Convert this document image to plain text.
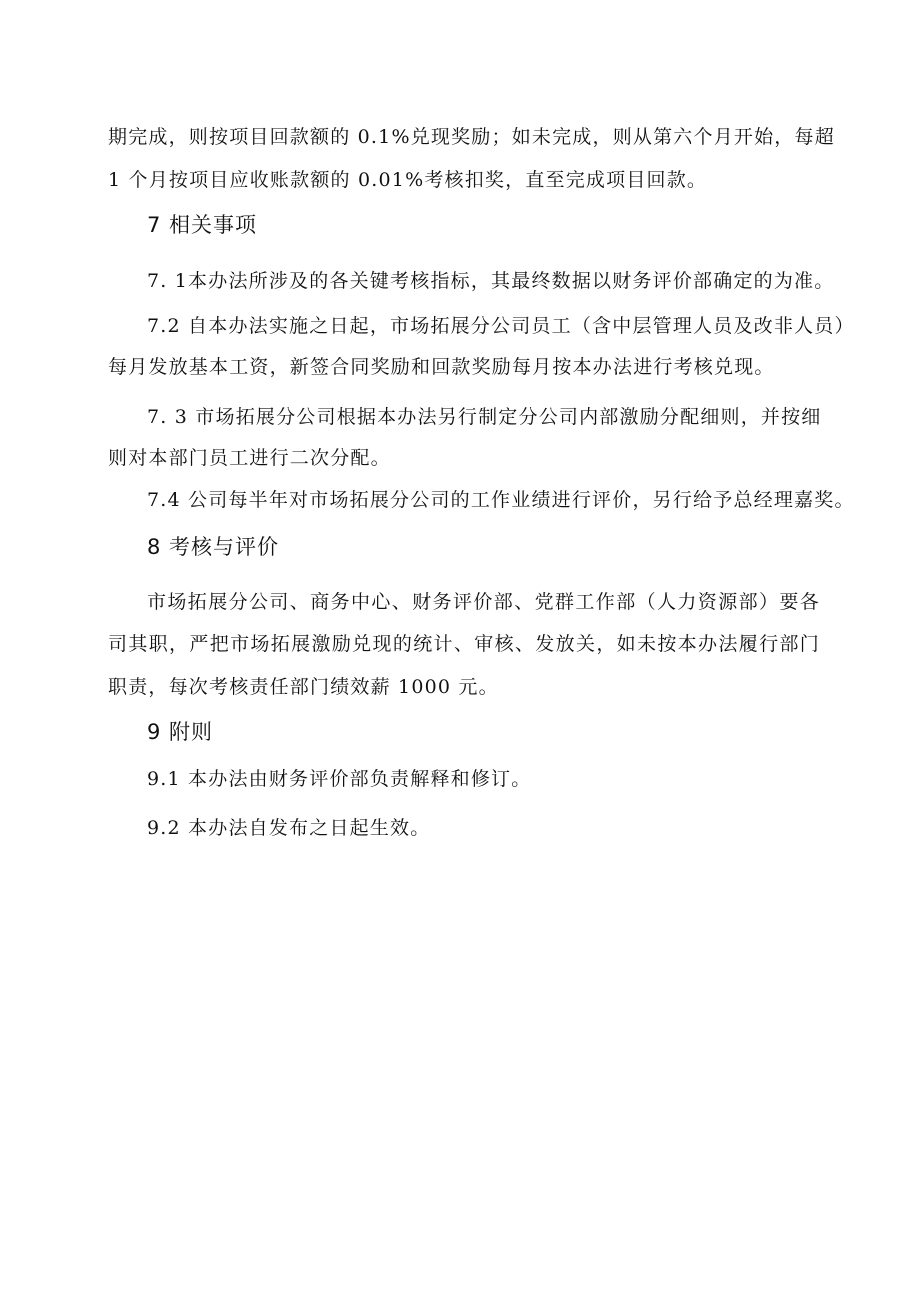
期完成，则按项目回款额的 0.1%兑现奖励；如未完成，则从第六个月开始，每超
1 个月按项目应收账款额的 0.01%考核扣奖，直至完成项目回款。
7 相关事项
7. 1本办法所涉及的各关键考核指标，其最终数据以财务评价部确定的为准。
7.2 自本办法实施之日起，市场拓展分公司员工（含中层管理人员及改非人员）
每月发放基本工资，新签合同奖励和回款奖励每月按本办法进行考核兑现。
7. 3 市场拓展分公司根据本办法另行制定分公司内部激励分配细则，并按细
则对本部门员工进行二次分配。
7.4 公司每半年对市场拓展分公司的工作业绩进行评价，另行给予总经理嘉奖。
8 考核与评价
市场拓展分公司、商务中心、财务评价部、党群工作部（人力资源部）要各
司其职，严把市场拓展激励兑现的统计、审核、发放关，如未按本办法履行部门
职责，每次考核责任部门绩效薪 1000 元。
9 附则
9.1 本办法由财务评价部负责解释和修订。
9.2 本办法自发布之日起生效。
